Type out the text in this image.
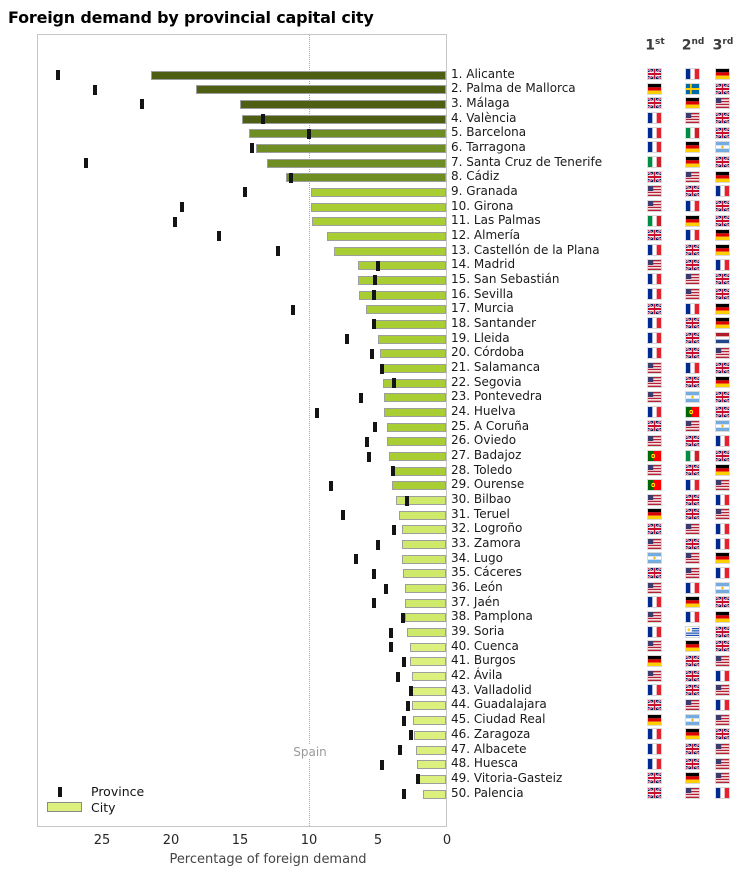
Foreign demand by provincial capital city
Spain
Province
City
1. Alicante
2. Palma de Mallorca
3. Málaga
4. València
5. Barcelona
6. Tarragona
7. Santa Cruz de Tenerife
8. Cádiz
9. Granada
10. Girona
11. Las Palmas
12. Almería
13. Castellón de la Plana
14. Madrid
15. San Sebastián
16. Sevilla
17. Murcia
18. Santander
19. Lleida
20. Córdoba
21. Salamanca
22. Segovia
23. Pontevedra
24. Huelva
25. A Coruña
26. Oviedo
27. Badajoz
28. Toledo
29. Ourense
30. Bilbao
31. Teruel
32. Logroño
33. Zamora
34. Lugo
35. Cáceres
36. León
37. Jaén
38. Pamplona
39. Soria
40. Cuenca
41. Burgos
42. Ávila
43. Valladolid
44. Guadalajara
45. Ciudad Real
46. Zaragoza
47. Albacete
48. Huesca
49. Vitoria-Gasteiz
50. Palencia
1st 2nd 3rd
25	20	15	10	5	0
Percentage of foreign demand
